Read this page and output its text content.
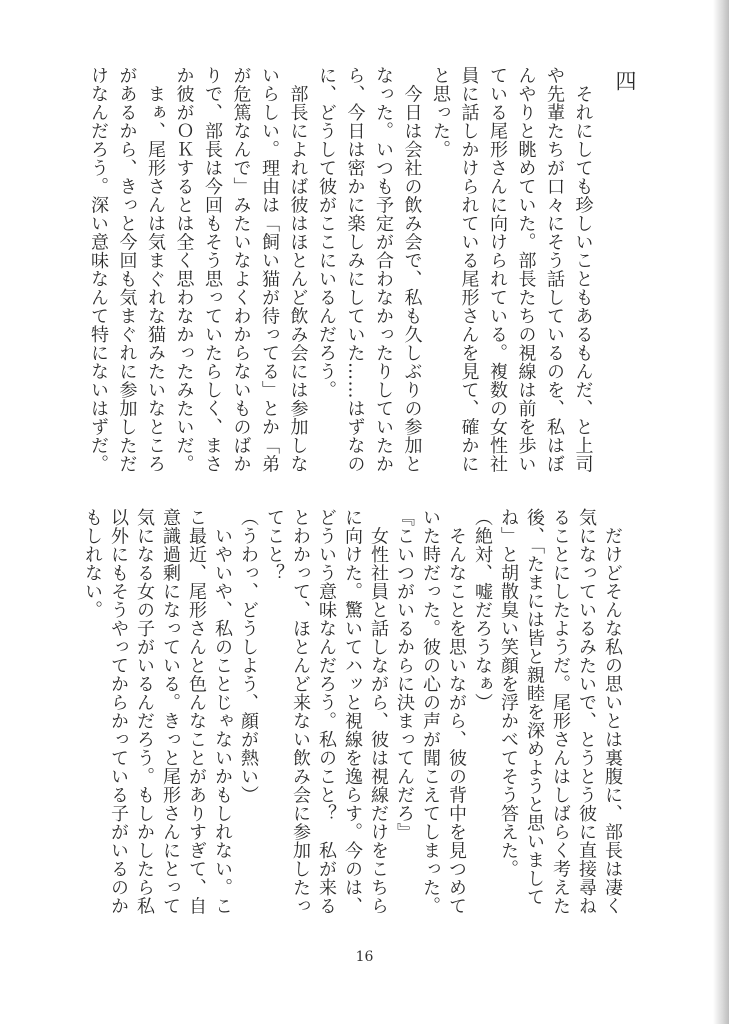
四

　それにしても珍しいこともあるもんだ、と上司

や先輩たちが口々にそう話しているのを、私はぼ

んやりと眺めていた。部長たちの視線は前を歩い

ている尾形さんに向けられている。複数の女性社

員に話しかけられている尾形さんを見て、確かに

と思った。

　今日は会社の飲み会で、私も久しぶりの参加と

なった。いつも予定が合わなかったりしていたか

ら、今日は密かに楽しみにしていた……はずなの

に、どうして彼がここにいるんだろう。

　部長によれば彼はほとんど飲み会には参加しな

いらしい。理由は「飼い猫が待ってる」とか「弟

が危篤なんで」みたいなよくわからないものばか

りで、部長は今回もそう思っていたらしく、まさ

か彼がＯＫするとは全く思わなかったみたいだ。

　まぁ、尾形さんは気まぐれな猫みたいなところ

があるから、きっと今回も気まぐれに参加しただ

けなんだろう。深い意味なんて特にないはずだ。

　だけどそんな私の思いとは裏腹に、部長は凄く

気になっているみたいで、とうとう彼に直接尋ね

ることにしたようだ。尾形さんはしばらく考えた

後、「たまには皆と親睦を深めようと思いまして

ね」と胡散臭い笑顔を浮かべてそう答えた。

（絶対、嘘だろうなぁ）

　そんなことを思いながら、彼の背中を見つめて

いた時だった。彼の心の声が聞こえてしまった。

『こいつがいるからに決まってんだろ』

　女性社員と話しながら、彼は視線だけをこちら

に向けた。驚いてハッと視線を逸らす。今のは、

どういう意味なんだろう。私のこと？　私が来る

とわかって、ほとんど来ない飲み会に参加したっ

てこと？

（うわっ、どうしよう、顔が熱い）

　いやいや、私のことじゃないかもしれない。こ

こ最近、尾形さんと色んなことがありすぎて、自

意識過剰になっている。きっと尾形さんにとって

気になる女の子がいるんだろう。もしかしたら私

以外にもそうやってからかっている子がいるのか

もしれない。

16
